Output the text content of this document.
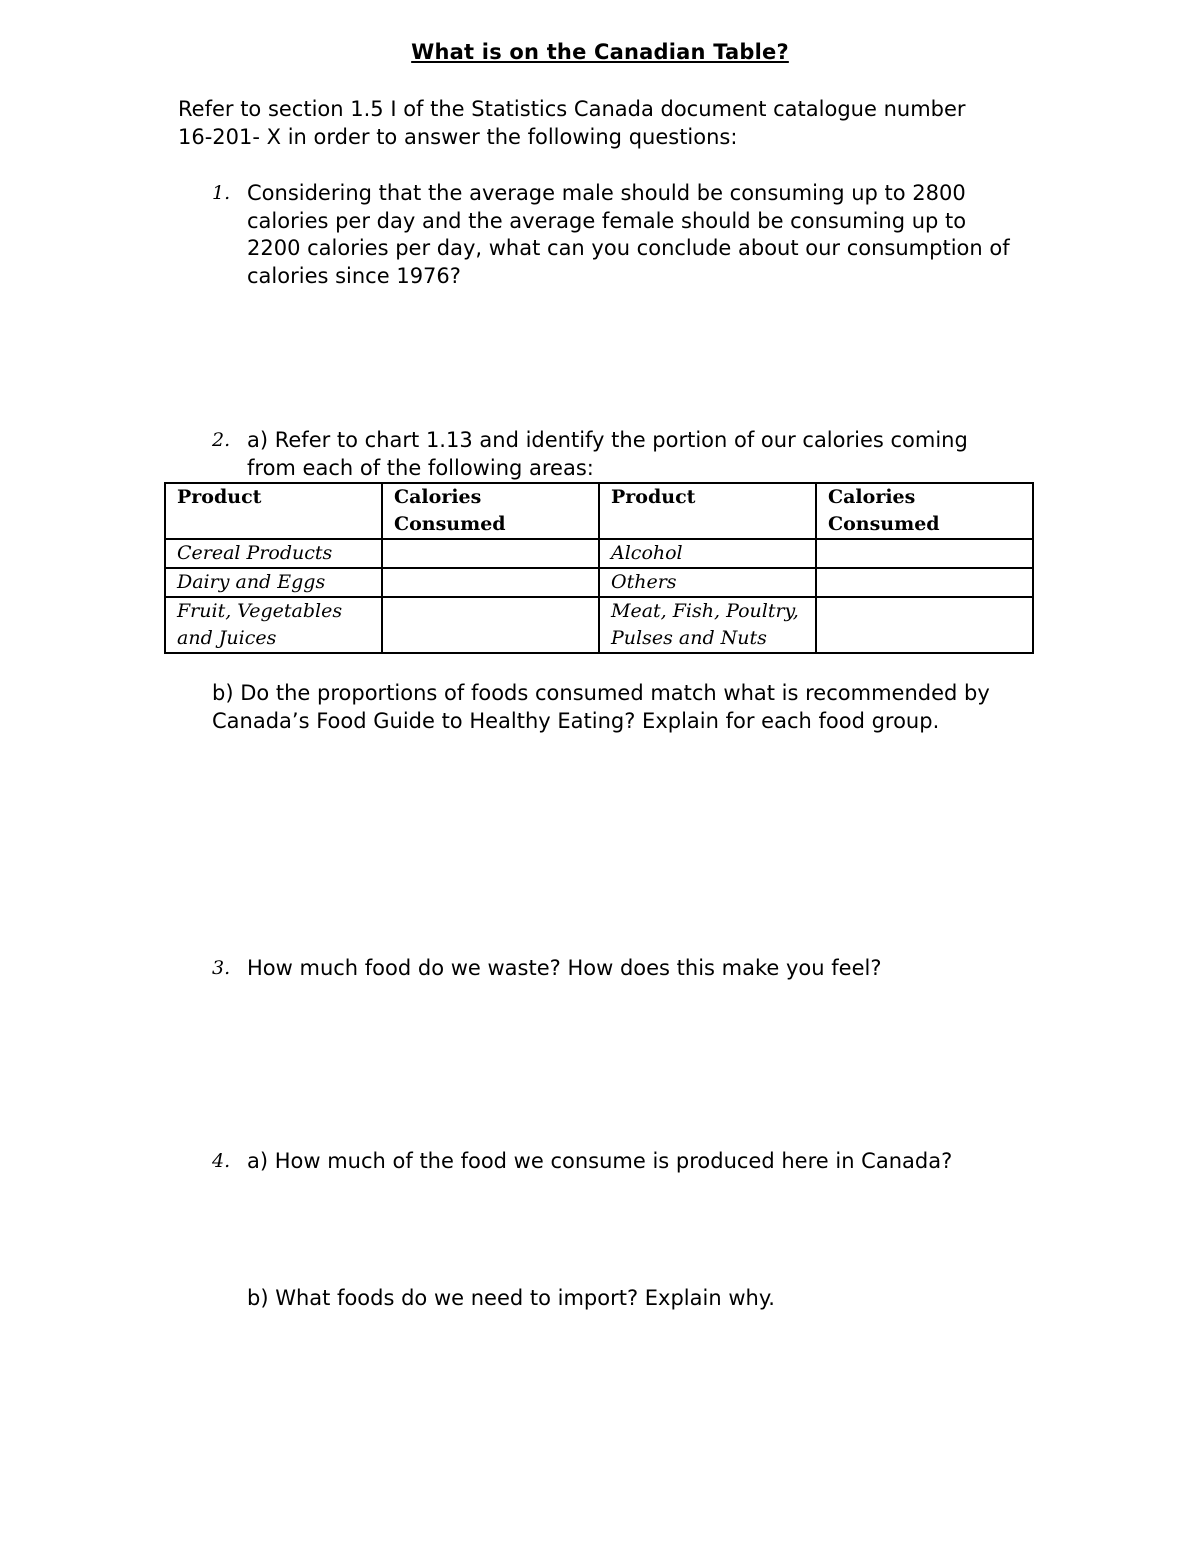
What is on the Canadian Table?
Refer to section 1.5 I of the Statistics Canada document catalogue number 16-201- X in order to answer the following questions:
1. Considering that the average male should be consuming up to 2800 calories per day and the average female should be consuming up to 2200 calories per day, what can you conclude about our consumption of calories since 1976?
2. a) Refer to chart 1.13 and identify the portion of our calories coming from each of the following areas:
Product	Calories Consumed	Product	Calories Consumed
Cereal Products		Alcohol	
Dairy and Eggs		Others	
Fruit, Vegetables and Juices		Meat, Fish, Poultry, Pulses and Nuts	
b) Do the proportions of foods consumed match what is recommended by Canada’s Food Guide to Healthy Eating? Explain for each food group.
3. How much food do we waste? How does this make you feel?
4. a) How much of the food we consume is produced here in Canada?
b) What foods do we need to import? Explain why.
